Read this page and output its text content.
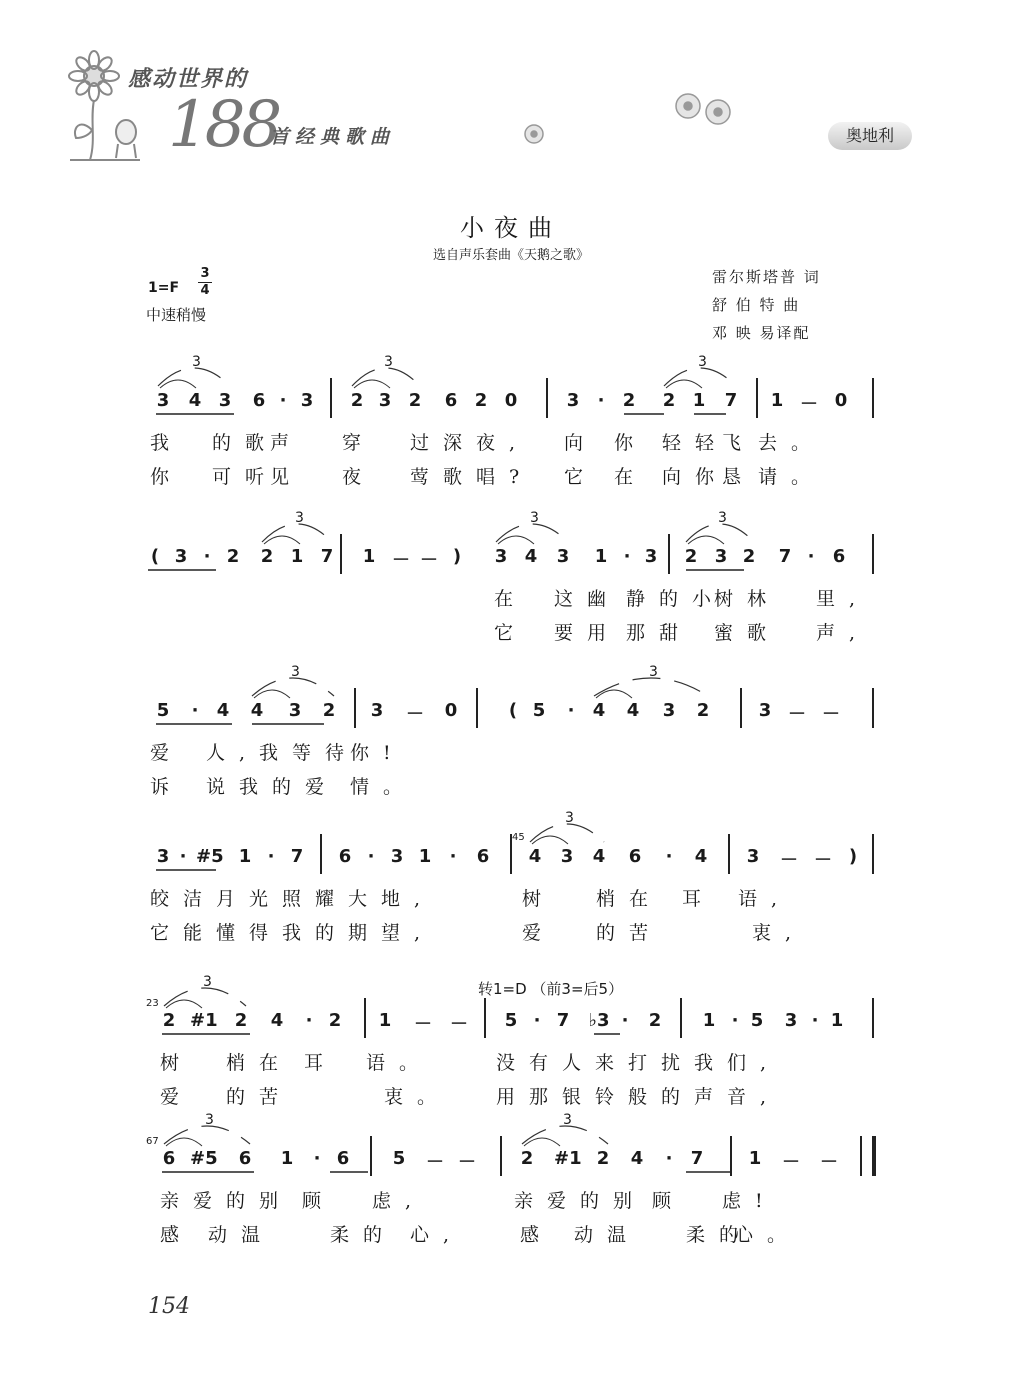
感动世界的
188
首经典歌曲	奥地利
小夜曲
选自声乐套曲《天鹅之歌》
1=F
3
4
中速稍慢
雷尔斯塔普 词
舒 伯 特 曲
邓 映 易译配
转1=D （前3=后5）
154
3 4 3 6 · 3 2 3 2 6 2 0	3	·	2 2 1 7 1 － 0
3	3	3
我 的歌
声 穿 过深夜, 向 你 轻轻
飞 去。
你 可听
见 夜 莺歌唱? 它 在 向你
恳 请。
( 3 · 2 2 1 7 1 － － )	3 4 3 1 · 3 2 3 2 7 ·	6
3	3	3
在 这幽 静的小
树林 里,
它 要用 那甜 蜜歌 声,
5	·	4 4 3 2 3 － 0	( 5	·	4 4 3 2	3 － －
3	3
爱 人,我等待
你!
诉 说我的爱 情。
3 · #5 1 · 7 6 · 3 1	·	6 4 3 4 6	·	4 3 － － )
3
皎洁月光照耀大地,	树 梢在 耳 语,
它能懂得我的期望,	爱 的苦	衷,
2 #1 2 4	· 2 1 － － 5 · 7 ♭3 ·	2 1 · 5 3 · 1
3
树 梢在 耳 语。	没有人来打扰我们,
爱 的苦	衷。 用那银铃般的声音,
6 #5 6 1	· 6 5 － － 2 #1 2 4	·	7	1 － －
3	3
亲爱的别 顾 虑,	亲爱的别 顾 虑!
感 动温	柔的 心,	感 动温 柔的
心。
45
23
67
